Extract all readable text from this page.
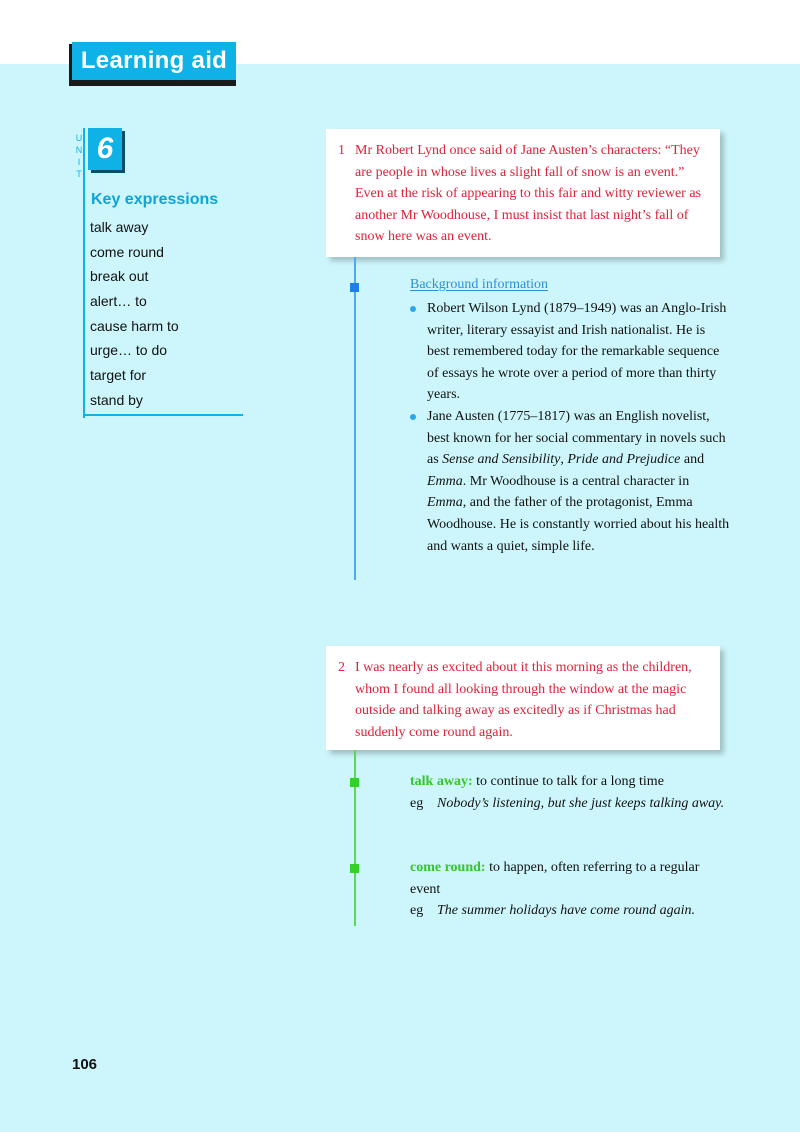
Learning aid
U
N
I
T
6
Key expressions
talk away
come round
break out
alert… to
cause harm to
urge… to do
target for
stand by
1 Mr Robert Lynd once said of Jane Austen’s characters: “They are people in whose lives a slight fall of snow is an event.” Even at the risk of appearing to this fair and witty reviewer as another Mr Woodhouse, I must insist that last night’s fall of snow here was an event.
Background information
Robert Wilson Lynd (1879–1949) was an Anglo-Irish writer, literary essayist and Irish nationalist. He is best remembered today for the remarkable sequence of essays he wrote over a period of more than thirty years.
Jane Austen (1775–1817) was an English novelist, best known for her social commentary in novels such as Sense and Sensibility, Pride and Prejudice and Emma. Mr Woodhouse is a central character in Emma, and the father of the protagonist, Emma Woodhouse. He is constantly worried about his health and wants a quiet, simple life.
2 I was nearly as excited about it this morning as the children, whom I found all looking through the window at the magic outside and talking away as excitedly as if Christmas had suddenly come round again.
talk away: to continue to talk for a long time
eg Nobody’s listening, but she just keeps talking away.
come round: to happen, often referring to a regular event
eg The summer holidays have come round again.
106
